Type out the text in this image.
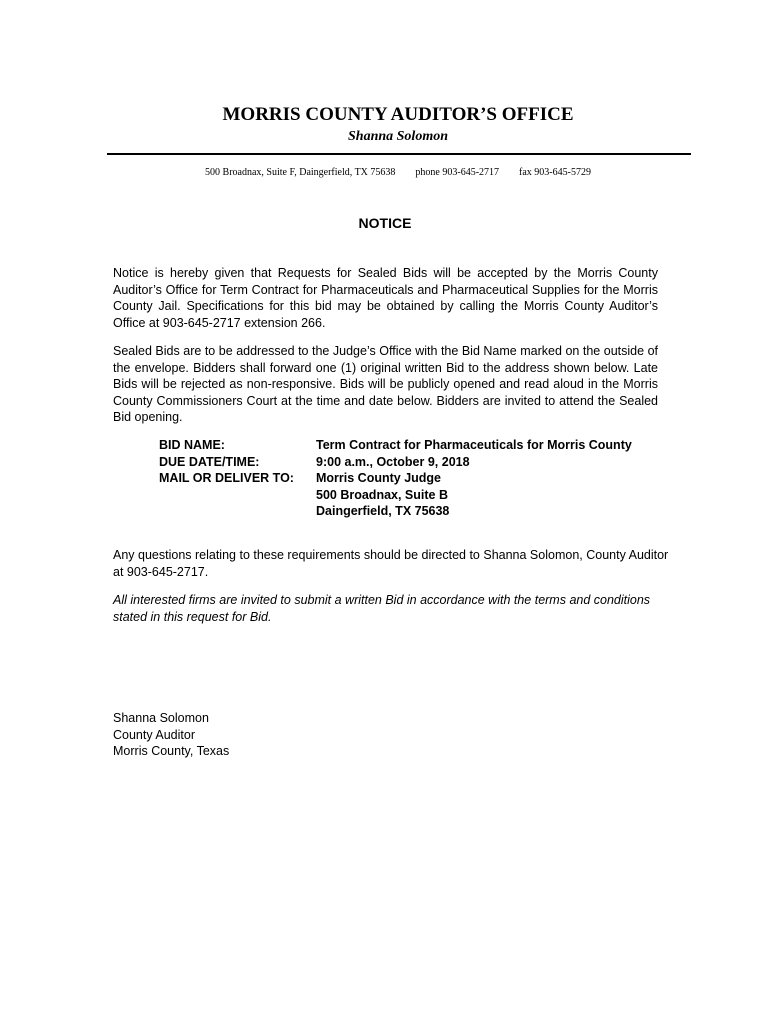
MORRIS COUNTY AUDITOR’S OFFICE
Shanna Solomon
500 Broadnax, Suite F, Daingerfield, TX 75638 phone 903-645-2717 fax 903-645-5729
NOTICE
Notice is hereby given that Requests for Sealed Bids will be accepted by the Morris County Auditor’s Office for Term Contract for Pharmaceuticals and Pharmaceutical Supplies for the Morris County Jail. Specifications for this bid may be obtained by calling the Morris County Auditor’s Office at 903-645-2717 extension 266.
Sealed Bids are to be addressed to the Judge’s Office with the Bid Name marked on the outside of the envelope. Bidders shall forward one (1) original written Bid to the address shown below. Late Bids will be rejected as non-responsive. Bids will be publicly opened and read aloud in the Morris County Commissioners Court at the time and date below. Bidders are invited to attend the Sealed Bid opening.
BID NAME:	Term Contract for Pharmaceuticals for Morris County
DUE DATE/TIME:	9:00 a.m., October 9, 2018
MAIL OR DELIVER TO:	Morris County Judge
500 Broadnax, Suite B
Daingerfield, TX 75638
Any questions relating to these requirements should be directed to Shanna Solomon, County Auditor at 903-645-2717.
All interested firms are invited to submit a written Bid in accordance with the terms and conditions stated in this request for Bid.
Shanna Solomon
County Auditor
Morris County, Texas
